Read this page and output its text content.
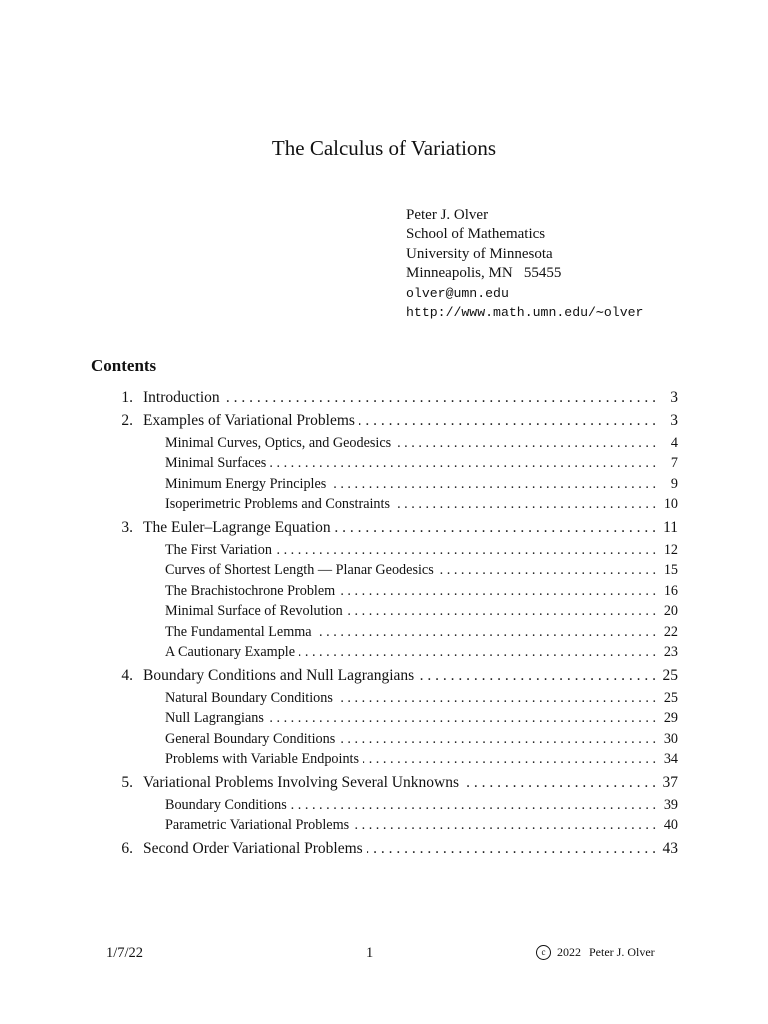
The Calculus of Variations
Peter J. Olver
School of Mathematics
University of Minnesota
Minneapolis, MN   55455
olver@umn.edu
http://www.math.umn.edu/∼olver
Contents
1. Introduction . . .	3
2. Examples of Variational Problems . . .	3
Minimal Curves, Optics, and Geodesics . . .	4
Minimal Surfaces . . .	7
Minimum Energy Principles . . .	9
Isoperimetric Problems and Constraints . . .	10
3. The Euler–Lagrange Equation . . .	11
The First Variation . . .	12
Curves of Shortest Length — Planar Geodesics . . .	15
The Brachistochrone Problem . . .	16
Minimal Surface of Revolution . . .	20
The Fundamental Lemma . . .	22
A Cautionary Example . . .	23
4. Boundary Conditions and Null Lagrangians . . .	25
Natural Boundary Conditions . . .	25
Null Lagrangians . . .	29
General Boundary Conditions . . .	30
Problems with Variable Endpoints . . .	34
5. Variational Problems Involving Several Unknowns . . .	37
Boundary Conditions . . .	39
Parametric Variational Problems . . .	40
6. Second Order Variational Problems . . .	43
1/7/22	1	c 2022 Peter J. Olver
